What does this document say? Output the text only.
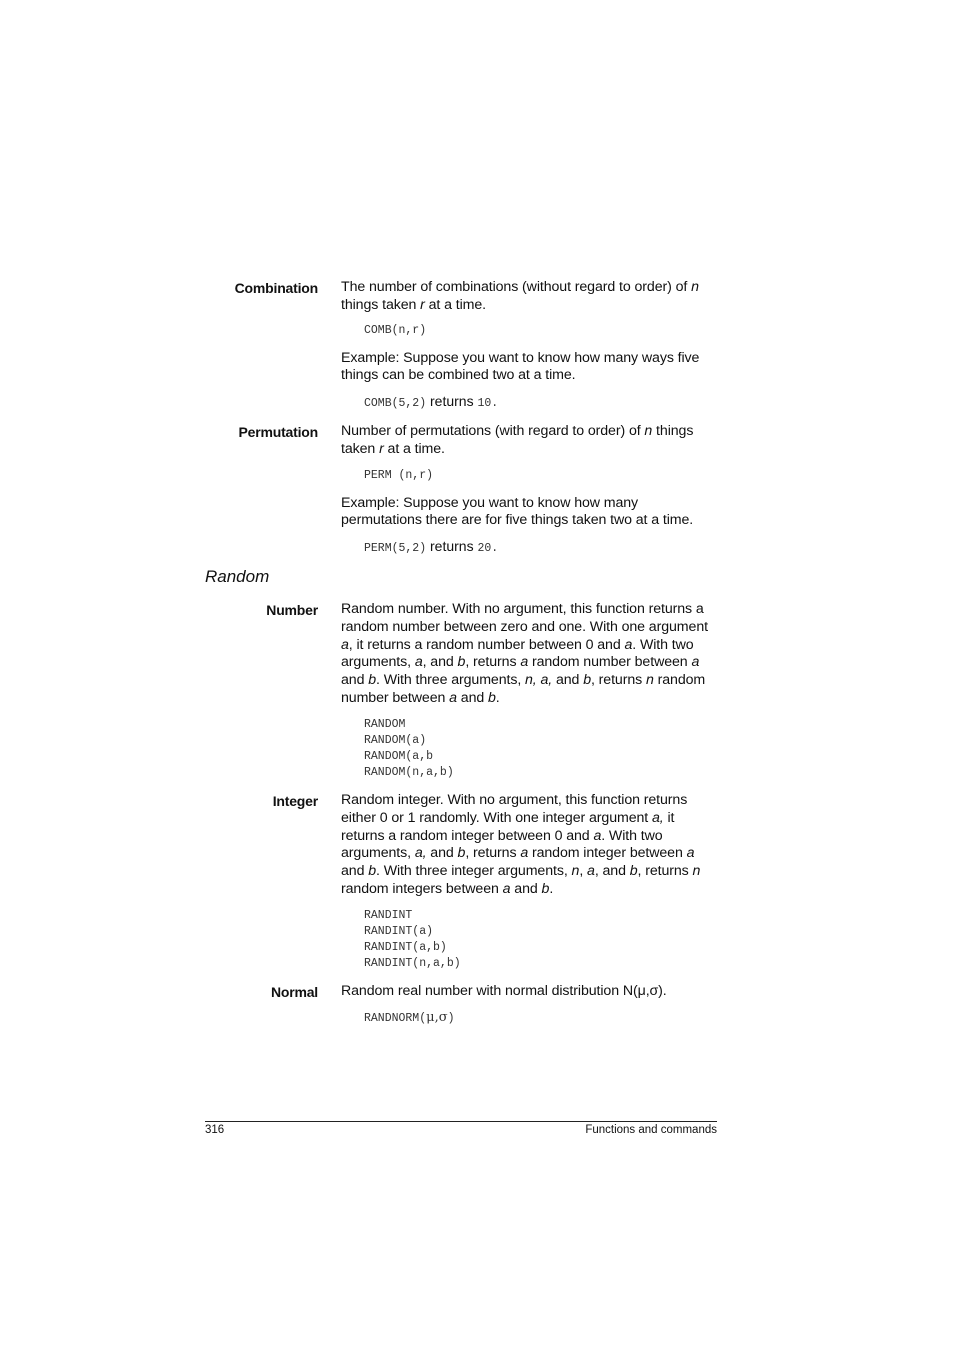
Combination The number of combinations (without regard to order) of n things taken r at a time.

COMB(n,r)

Example: Suppose you want to know how many ways five things can be combined two at a time.

COMB(5,2) returns 10.
Permutation Number of permutations (with regard to order) of n things taken r at a time.

PERM (n,r)

Example: Suppose you want to know how many permutations there are for five things taken two at a time.

PERM(5,2) returns 20.
Random
Number Random number. With no argument, this function returns a random number between zero and one. With one argument a, it returns a random number between 0 and a. With two arguments, a, and b, returns a random number between a and b. With three arguments, n, a, and b, returns n random number between a and b.

RANDOM
RANDOM(a)
RANDOM(a,b
RANDOM(n,a,b)
Integer Random integer. With no argument, this function returns either 0 or 1 randomly. With one integer argument a, it returns a random integer between 0 and a. With two arguments, a, and b, returns a random integer between a and b. With three integer arguments, n, a, and b, returns n random integers between a and b.

RANDINT
RANDINT(a)
RANDINT(a,b)
RANDINT(n,a,b)
Normal Random real number with normal distribution N(μ,σ).

RANDNORM(μ,σ)
316	Functions and commands
